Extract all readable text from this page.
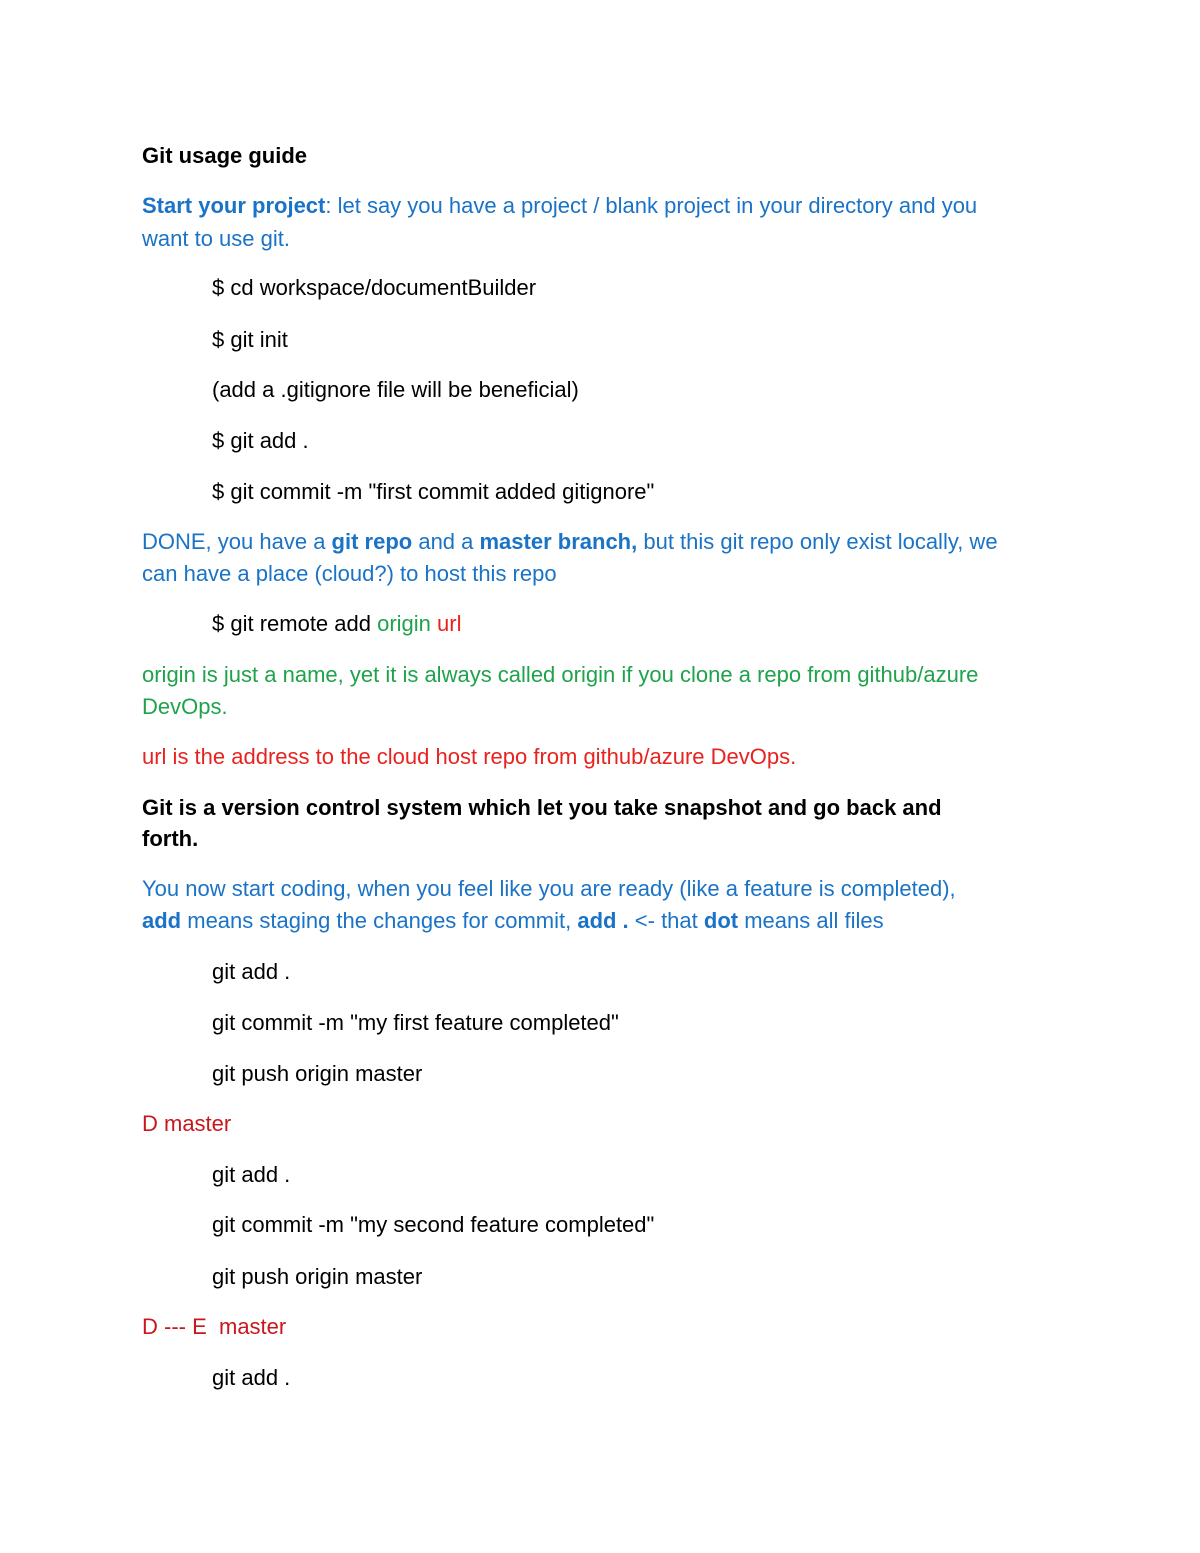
Git usage guide
Start your project: let say you have a project / blank project in your directory and you
want to use git.
$ cd workspace/documentBuilder
$ git init
(add a .gitignore file will be beneficial)
$ git add .
$ git commit -m "first commit added gitignore"
DONE, you have a git repo and a master branch, but this git repo only exist locally, we
can have a place (cloud?) to host this repo
$ git remote add origin url
origin is just a name, yet it is always called origin if you clone a repo from github/azure
DevOps.
url is the address to the cloud host repo from github/azure DevOps.
Git is a version control system which let you take snapshot and go back and
forth.
You now start coding, when you feel like you are ready (like a feature is completed),
add means staging the changes for commit, add . <- that dot means all files
git add .
git commit -m "my first feature completed"
git push origin master
D master
git add .
git commit -m "my second feature completed"
git push origin master
D --- E  master
git add .
